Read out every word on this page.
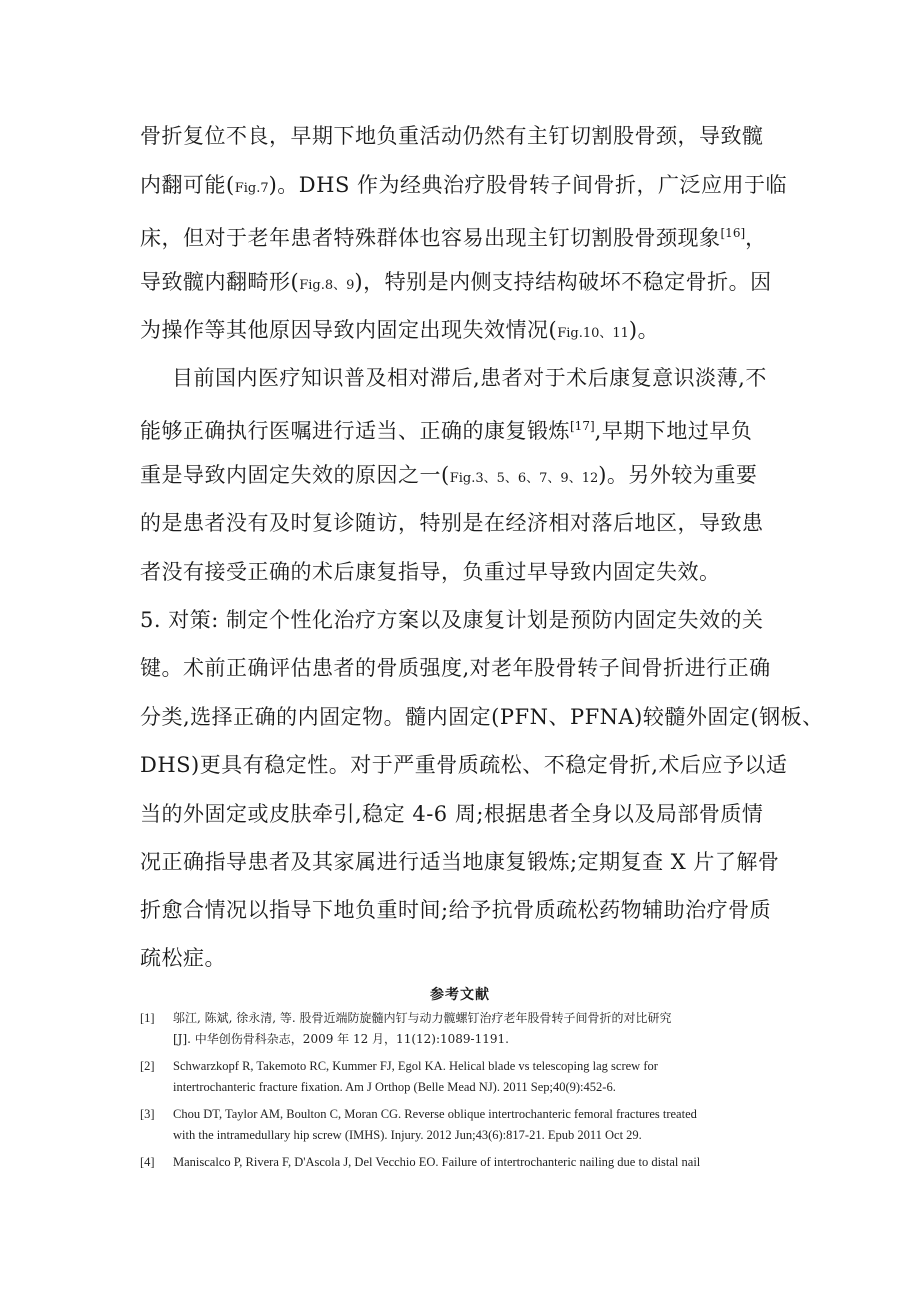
骨折复位不良，早期下地负重活动仍然有主钉切割股骨颈，导致髋
内翻可能(Fig.7)。DHS 作为经典治疗股骨转子间骨折，广泛应用于临
床，但对于老年患者特殊群体也容易出现主钉切割股骨颈现象[16]，
导致髋内翻畸形(Fig.8、9)，特别是内侧支持结构破坏不稳定骨折。因
为操作等其他原因导致内固定出现失效情况(Fig.10、11)。
目前国内医疗知识普及相对滞后,患者对于术后康复意识淡薄,不
能够正确执行医嘱进行适当、正确的康复锻炼[17],早期下地过早负
重是导致内固定失效的原因之一(Fig.3、5、6、7、9、12)。另外较为重要
的是患者没有及时复诊随访，特别是在经济相对落后地区，导致患
者没有接受正确的术后康复指导，负重过早导致内固定失效。
5. 对策: 制定个性化治疗方案以及康复计划是预防内固定失效的关
键。术前正确评估患者的骨质强度,对老年股骨转子间骨折进行正确
分类,选择正确的内固定物。髓内固定(PFN、PFNA)较髓外固定(钢板、
DHS)更具有稳定性。对于严重骨质疏松、不稳定骨折,术后应予以适
当的外固定或皮肤牵引,稳定 4-6 周;根据患者全身以及局部骨质情
况正确指导患者及其家属进行适当地康复锻炼;定期复查 X 片了解骨
折愈合情况以指导下地负重时间;给予抗骨质疏松药物辅助治疗骨质
疏松症。
参考文献
[1]	邬江, 陈斌, 徐永清, 等. 股骨近端防旋髓内钉与动力髋螺钉治疗老年股骨转子间骨折的对比研究
[J]. 中华创伤骨科杂志，2009 年 12 月，11(12):1089-1191.
[2]	Schwarzkopf R, Takemoto RC, Kummer FJ, Egol KA. Helical blade vs telescoping lag screw for
intertrochanteric fracture fixation. Am J Orthop (Belle Mead NJ). 2011 Sep;40(9):452-6.
[3]	Chou DT, Taylor AM, Boulton C, Moran CG. Reverse oblique intertrochanteric femoral fractures treated
with the intramedullary hip screw (IMHS). Injury. 2012 Jun;43(6):817-21. Epub 2011 Oct 29.
[4]	Maniscalco P, Rivera F, D'Ascola J, Del Vecchio EO. Failure of intertrochanteric nailing due to distal nail
